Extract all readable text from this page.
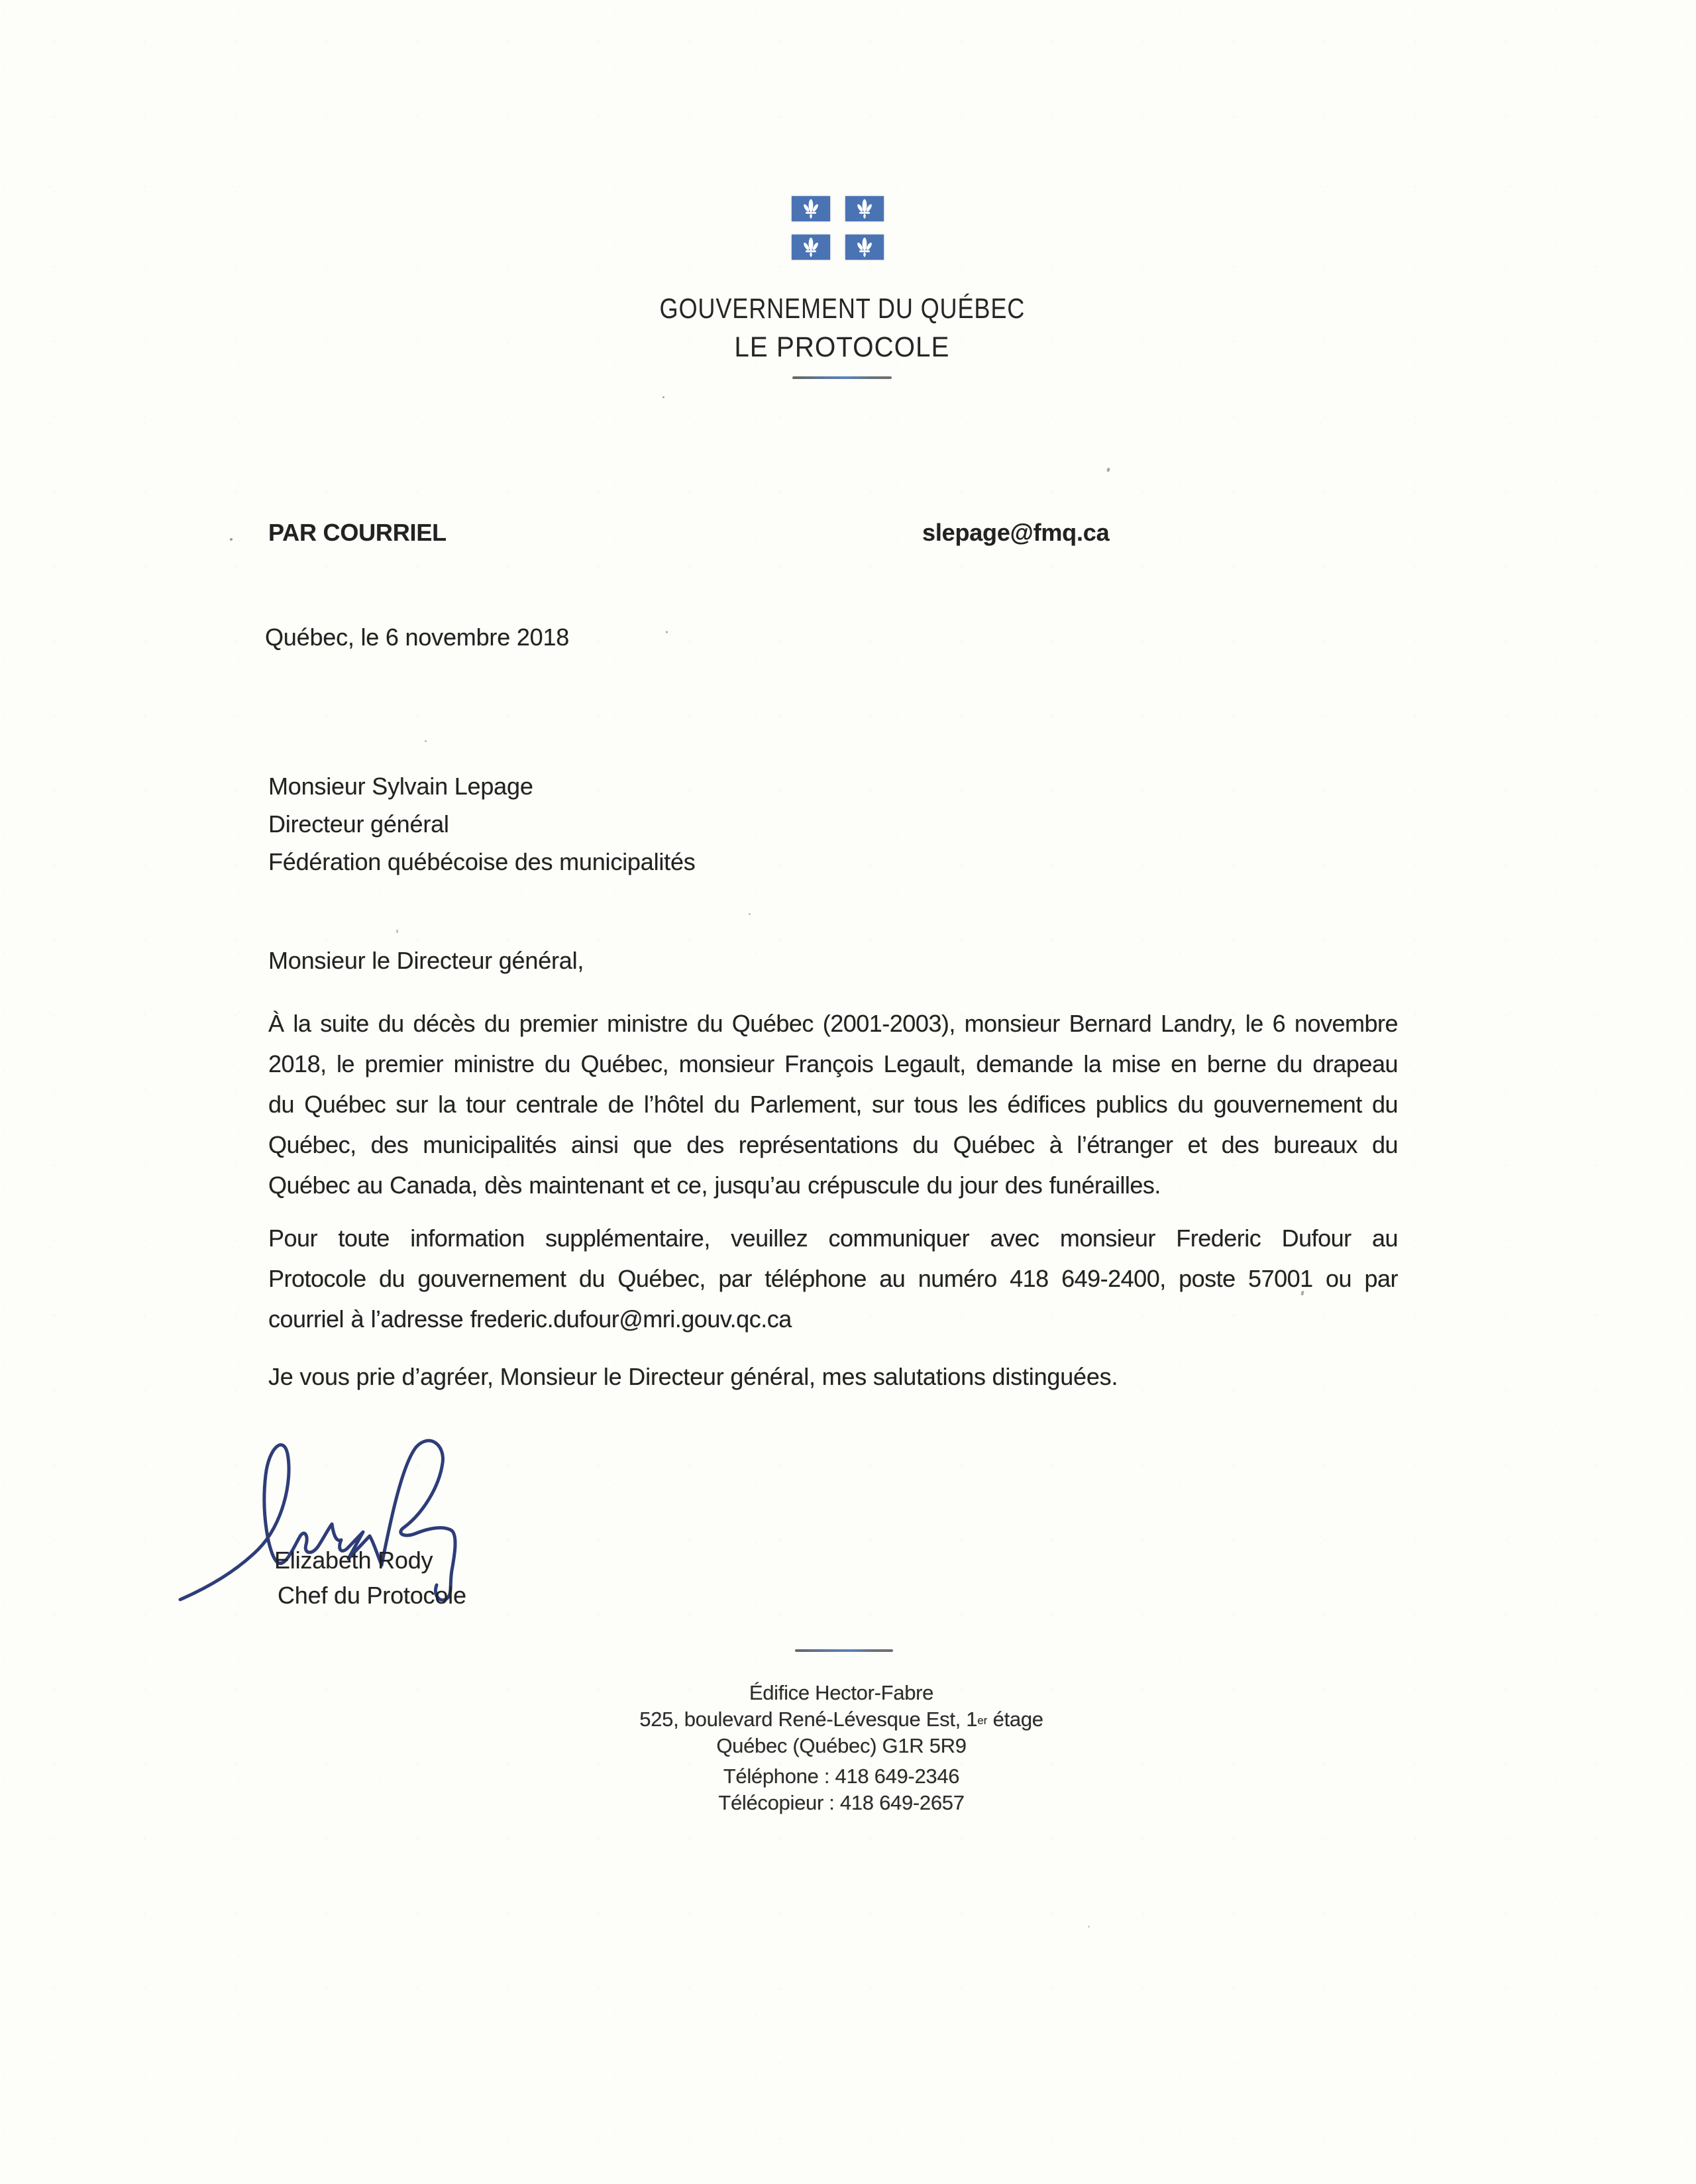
GOUVERNEMENT DU QUÉBEC
LE PROTOCOLE
PAR COURRIEL	slepage@fmq.ca
Québec, le 6 novembre 2018
Monsieur Sylvain Lepage
Directeur général
Fédération québécoise des municipalités
Monsieur le Directeur général,
À la suite du décès du premier ministre du Québec (2001-2003), monsieur Bernard Landry, le 6 novembre
2018, le premier ministre du Québec, monsieur François Legault, demande la mise en berne du drapeau
du Québec sur la tour centrale de l’hôtel du Parlement, sur tous les édifices publics du gouvernement du
Québec, des municipalités ainsi que des représentations du Québec à l’étranger et des bureaux du
Québec au Canada, dès maintenant et ce, jusqu’au crépuscule du jour des funérailles.
Pour toute information supplémentaire, veuillez communiquer avec monsieur Frederic Dufour au
Protocole du gouvernement du Québec, par téléphone au numéro 418 649-2400, poste 57001 ou par
courriel à l’adresse frederic.dufour@mri.gouv.qc.ca
Je vous prie d’agréer, Monsieur le Directeur général, mes salutations distinguées.
Elizabeth Rody
Chef du Protocole
Édifice Hector-Fabre
525, boulevard René-Lévesque Est, 1er étage
Québec (Québec) G1R 5R9
Téléphone : 418 649-2346
Télécopieur : 418 649-2657
